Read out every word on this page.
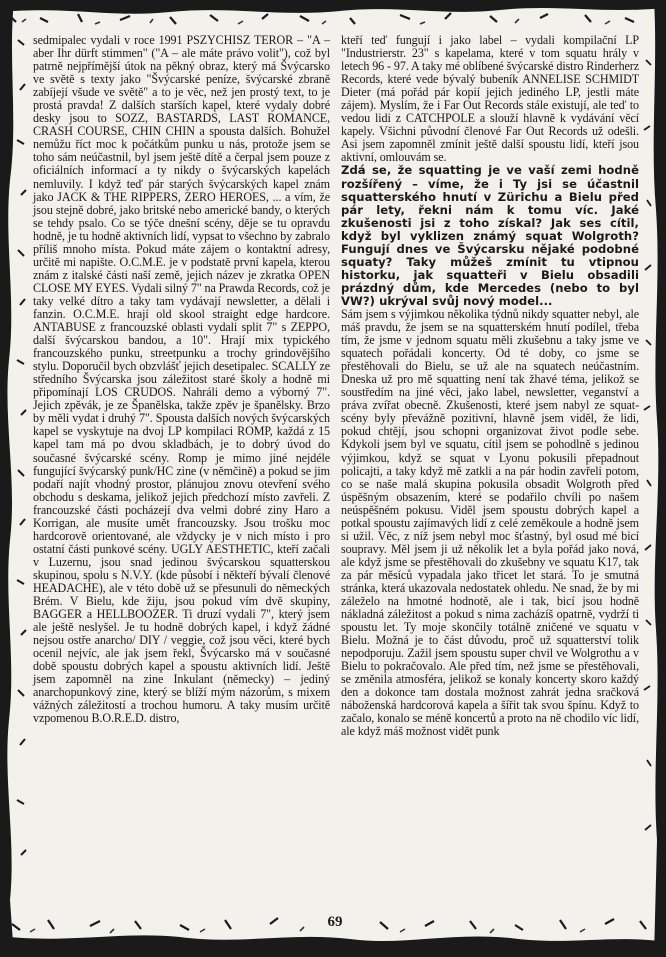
sedmipalec vydali v roce 1991 PSZYCHISZ TEROR – "A – aber Ihr dürft stimmen" ("A – ale máte právo volit"), což byl patrně nejpřímější útok na pěkný obraz, který má Švýcarsko ve světě s texty jako "Švýcarské peníze, švýcarské zbraně zabíjejí všude ve světě" a to je věc, než jen prostý text, to je prostá pravda! Z dalších starších kapel, které vydaly dobré desky jsou to SOZZ, BASTARDS, LAST ROMANCE, CRASH COURSE, CHIN CHIN a spousta dalších. Bohužel nemůžu říct moc k počátkům punku u nás, protože jsem se toho sám neúčastnil, byl jsem ještě dítě a čerpal jsem pouze z oficiálních informací a ty nikdy o švýcarských kapelách nemluvily. I když teď pár starých švýcarských kapel znám jako JACK & THE RIPPERS, ZERO HEROES, ... a vím, že jsou stejně dobré, jako britské nebo americké bandy, o kterých se tehdy psalo. Co se týče dnešní scény, děje se tu opravdu hodně, je tu hodně aktivních lidí, vypsat to všechno by zabralo příliš mnoho místa. Pokud máte zájem o kontaktní adresy, určitě mi napište. O.C.M.E. je v podstatě první kapela, kterou znám z italské části naší země, jejich název je zkratka OPEN CLOSE MY EYES. Vydali silný 7" na Prawda Records, což je taky velké dítro a taky tam vydávají newsletter, a dělali i fanzin. O.C.M.E. hrají old skool straight edge hardcore. ANTABUSE z francouzské oblasti vydali split 7" s ZEPPO, další švýcarskou bandou, a 10". Hrají mix typického francouzského punku, streetpunku a trochy grindovějšího stylu. Doporučil bych obzvlášť jejich desetipalec. SCALLY ze středního Švýcarska jsou záležitost staré školy a hodně mi připomínají LOS CRUDOS. Nahráli demo a výborný 7". Jejich zpěvák, je ze Španělska, takže zpěv je španělsky. Brzo by měli vydat i druhý 7". Spousta dalších nových švýcarských kapel se vyskytuje na dvoj LP kompilaci ROMP, každá z 15 kapel tam má po dvou skladbách, je to dobrý úvod do současné švýcarské scény. Romp je mimo jiné nejdéle fungující švýcarský punk/HC zine (v němčině) a pokud se jim podaří najít vhodný prostor, plánujou znovu otevření svého obchodu s deskama, jelikož jejich předchozí místo zavřeli. Z francouzské části pocházejí dva velmi dobré ziny Haro a Korrigan, ale musíte umět francouzsky. Jsou trošku moc hardcorově orientované, ale vždycky je v nich místo i pro ostatní části punkové scény. UGLY AESTHETIC, kteří začali v Luzernu, jsou snad jedinou švýcarskou squatterskou skupinou, spolu s N.V.Y. (kde působí i někteří bývalí členové HEADACHE), ale v této době už se přesunuli do německých Brém. V Bielu, kde žiju, jsou pokud vím dvě skupiny, BAGGER a HELLBOOZER. Ti druzí vydali 7", který jsem ale ještě neslyšel. Je tu hodně dobrých kapel, i když žádné nejsou ostře anarcho/ DIY / veggie, což jsou věci, které bych ocenil nejvíc, ale jak jsem řekl, Švýcarsko má v současné době spoustu dobrých kapel a spoustu aktivních lidí. Ještě jsem zapomněl na zine Inkulant (německy) – jediný anarchopunkový zine, který se blíží mým názorům, s mixem vážných záležitostí a trochou humoru. A taky musím určitě vzpomenou B.O.R.E.D. distro,

kteří teď fungují i jako label – vydali kompilační LP "Industrierstr. 23" s kapelama, které v tom squatu hrály v letech 96 - 97. A taky mé oblíbené švýcarské distro Rinderherz Records, které vede bývalý bubeník ANNELISE SCHMIDT Dieter (má pořád pár kopií jejich jediného LP, jestli máte zájem). Myslím, že i Far Out Records stále existují, ale teď to vedou lidi z CATCHPOLE a slouží hlavně k vydávání věcí kapely. Všichni původní členové Far Out Records už odešli. Asi jsem zapomněl zmínit ještě další spoustu lidí, kteří jsou aktivní, omlouvám se.

Zdá se, že squatting je ve vaší zemi hodně rozšířený – víme, že i Ty jsi se účastnil squatterského hnutí v Zürichu a Bielu před pár lety, řekni nám k tomu víc. Jaké zkušenosti jsi z toho získal? Jak ses cítil, když byl vyklizen známý squat Wolgroth? Fungují dnes ve Švýcarsku nějaké podobné squaty? Taky můžeš zmínit tu vtipnou historku, jak squatteři v Bielu obsadili prázdný dům, kde Mercedes (nebo to byl VW?) ukrýval svůj nový model...

Sám jsem s výjimkou několika týdnů nikdy squatter nebyl, ale máš pravdu, že jsem se na squatterském hnutí podílel, třeba tím, že jsme v jednom squatu měli zkušebnu a taky jsme ve squatech pořádali koncerty. Od té doby, co jsme se přestěhovali do Bielu, se už ale na squatech neúčastním. Dneska už pro mě squatting není tak žhavé téma, jelikož se soustředím na jiné věci, jako label, newsletter, veganství a práva zvířat obecně. Zkušenosti, které jsem nabyl ze squat-scény byly převážně pozitivní, hlavně jsem viděl, že lidi, pokud chtějí, jsou schopni organizovat život podle sebe. Kdykoli jsem byl ve squatu, cítil jsem se pohodlně s jedinou výjimkou, když se squat v Lyonu pokusili přepadnout policajti, a taky když mě zatkli a na pár hodin zavřeli potom, co se naše malá skupina pokusila obsadit Wolgroth před úspěšným obsazením, které se podařilo chvíli po našem neúspěšném pokusu. Viděl jsem spoustu dobrých kapel a potkal spoustu zajímavých lidí z celé zeměkoule a hodně jsem si užil. Věc, z níž jsem nebyl moc šťastný, byl osud mé bicí soupravy. Měl jsem ji už několik let a byla pořád jako nová, ale když jsme se přestěhovali do zkušebny ve squatu K17, tak za pár měsíců vypadala jako třicet let stará. To je smutná stránka, která ukazovala nedostatek ohledu. Ne snad, že by mi záleželo na hmotné hodnotě, ale i tak, bicí jsou hodně nákladná záležitost a pokud s nima zacházíš opatrně, vydrží ti spoustu let. Ty moje skončily totálně zničené ve squatu v Bielu. Možná je to část důvodu, proč už squatterství tolik nepodporuju. Zažil jsem spoustu super chvil ve Wolgrothu a v Bielu to pokračovalo. Ale před tím, než jsme se přestěhovali, se změnila atmosféra, jelikož se konaly koncerty skoro každý den a dokonce tam dostala možnost zahrát jedna sračková náboženská hardcorová kapela a šířit tak svou špínu. Když to začalo, konalo se méně koncertů a proto na ně chodilo víc lidí, ale když máš možnost vidět punk

69
